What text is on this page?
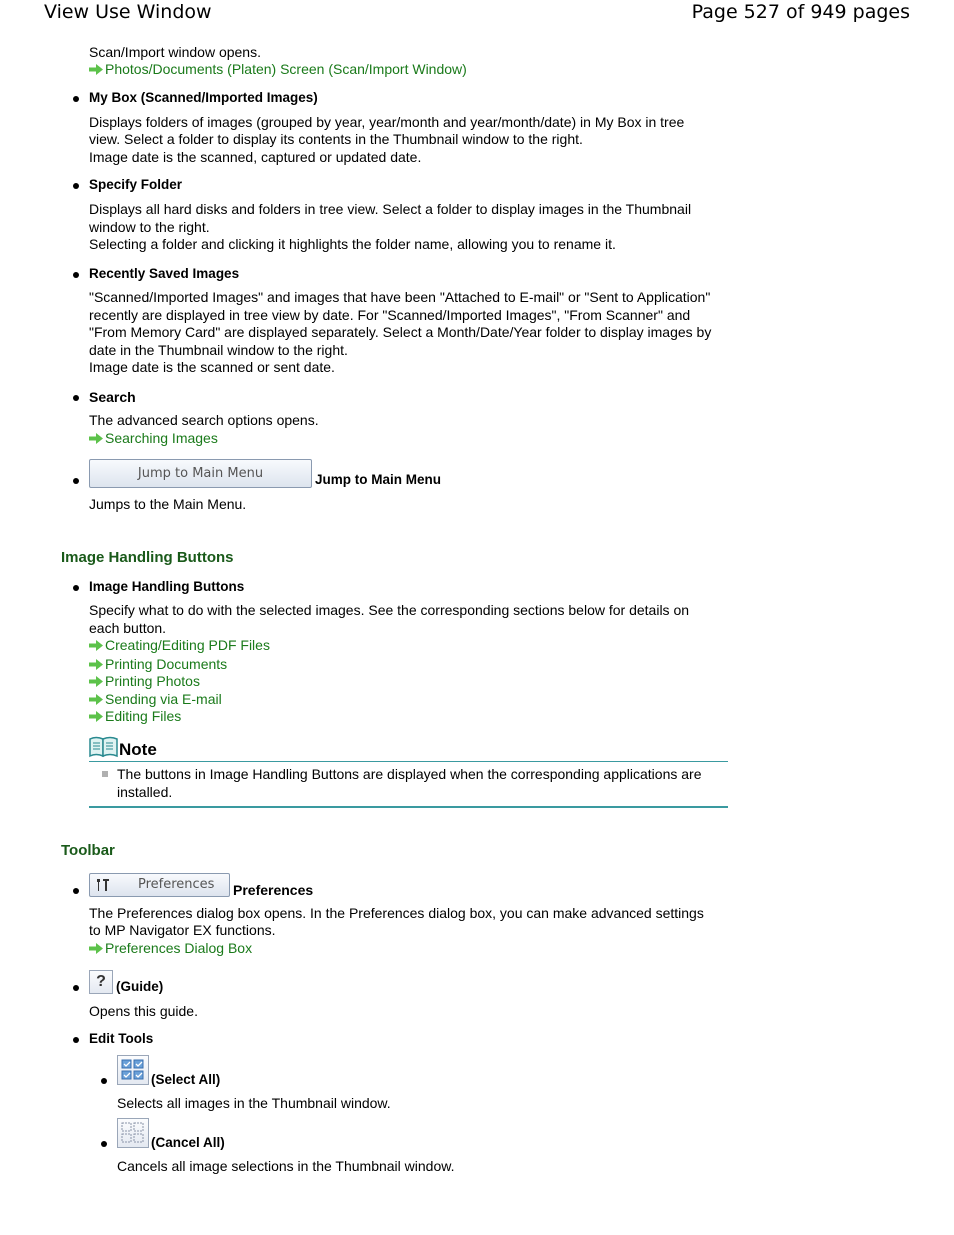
View Use Window	Page 527 of 949 pages
Scan/Import window opens.
Photos/Documents (Platen) Screen (Scan/Import Window)
My Box (Scanned/Imported Images)
Displays folders of images (grouped by year, year/month and year/month/date) in My Box in tree
view. Select a folder to display its contents in the Thumbnail window to the right.
Image date is the scanned, captured or updated date.
Specify Folder
Displays all hard disks and folders in tree view. Select a folder to display images in the Thumbnail
window to the right.
Selecting a folder and clicking it highlights the folder name, allowing you to rename it.
Recently Saved Images
"Scanned/Imported Images" and images that have been "Attached to E-mail" or "Sent to Application"
recently are displayed in tree view by date. For "Scanned/Imported Images", "From Scanner" and
"From Memory Card" are displayed separately. Select a Month/Date/Year folder to display images by
date in the Thumbnail window to the right.
Image date is the scanned or sent date.
Search
The advanced search options opens.
Searching Images
Jump to Main Menu	Jump to Main Menu
Jumps to the Main Menu.
Image Handling Buttons
Image Handling Buttons
Specify what to do with the selected images. See the corresponding sections below for details on
each button.
Creating/Editing PDF Files
Printing Documents
Printing Photos
Sending via E-mail
Editing Files
Note
The buttons in Image Handling Buttons are displayed when the corresponding applications are
installed.
Toolbar
Preferences Preferences
The Preferences dialog box opens. In the Preferences dialog box, you can make advanced settings
to MP Navigator EX functions.
Preferences Dialog Box
? (Guide)
Opens this guide.
Edit Tools
(Select All)
Selects all images in the Thumbnail window.
(Cancel All)
Cancels all image selections in the Thumbnail window.
